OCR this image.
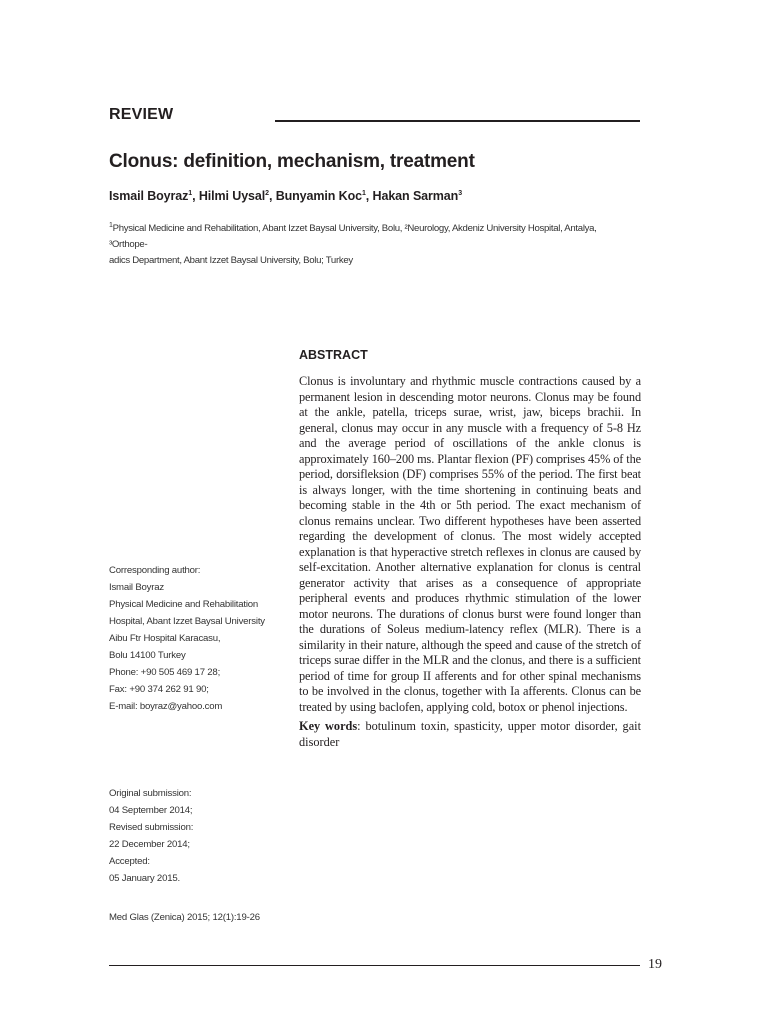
REVIEW
Clonus: definition, mechanism, treatment
Ismail Boyraz$^1$, Hilmi Uysal$^2$, Bunyamin Koc$^1$, Hakan Sarman$^3$
$^1$Physical Medicine and Rehabilitation, Abant Izzet Baysal University, Bolu, ²Neurology, Akdeniz University Hospital, Antalya, ³Orthope-
adics Department, Abant Izzet Baysal University, Bolu; Turkey
ABSTRACT
Clonus is involuntary and rhythmic muscle contractions caused by a permanent lesion in descending motor neurons. Clonus may be found at the ankle, patella, triceps surae, wrist, jaw, biceps brachii. In general, clonus may occur in any muscle with a frequency of 5-8 Hz and the average period of oscillations of the ankle clonus is approximately 160–200 ms. Plantar flexion (PF) comprises 45% of the period, dorsifleksion (DF) comprises 55% of the period. The first beat is always longer, with the time shortening in continuing beats and becoming stable in the 4th or 5th period. The exact mechanism of clonus remains unclear. Two different hypotheses have been asserted regarding the development of clonus. The most widely accepted explanation is that hyperactive stretch reflexes in clonus are caused by self-excitation. Another alternative explanation for clonus is central generator activity that arises as a consequence of appropriate peripheral events and produces rhythmic stimulation of the lower motor neurons. The durations of clonus burst were found longer than the durations of Soleus medium-latency reflex (MLR). There is a similarity in their nature, although the speed and cause of the stretch of triceps surae differ in the MLR and the clonus, and there is a sufficient period of time for group II afferents and for other spinal mechanisms to be involved in the clonus, together with Ia afferents. Clonus can be treated by using baclofen, applying cold, botox or phenol injections.
Key words: botulinum toxin, spasticity, upper motor disorder, gait disorder
Corresponding author:
Ismail Boyraz
Physical Medicine and Rehabilitation
Hospital, Abant Izzet Baysal University
Aibu Ftr Hospital Karacasu,
Bolu 14100 Turkey
Phone: +90 505 469 17 28;
Fax: +90 374 262 91 90;
E-mail: boyraz@yahoo.com
Original submission:
04 September 2014;
Revised submission:
22 December 2014;
Accepted:
05 January 2015.
Med Glas (Zenica) 2015; 12(1):19-26
19
